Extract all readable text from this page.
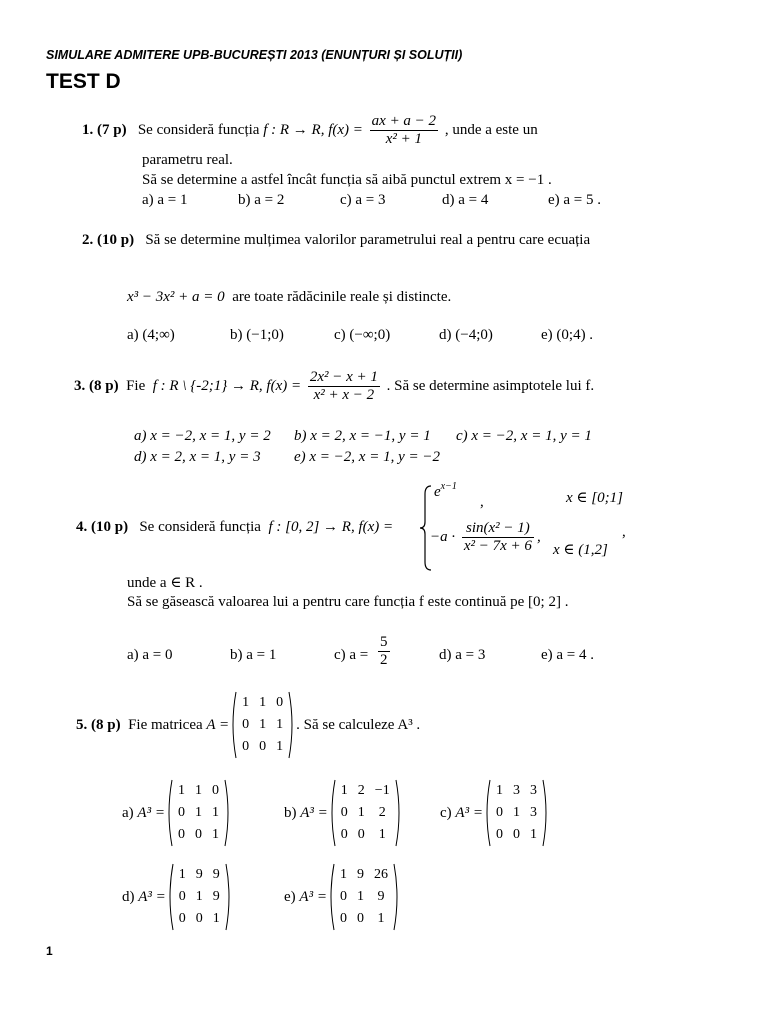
SIMULARE ADMITERE UPB-BUCUREȘTI 2013 (ENUNȚURI ȘI SOLUȚII)
TEST D
1. (7 p) Se consideră funcția f : R → R, $f(x) = \frac{ax + a - 2}{\text{x² + 1}}$ , unde a este un
parametru real.
Să se determine a astfel încât funcția să aibă punctul extrem x = −1 .
a) a = 1	b) a = 2	c) a = 3	d) a = 4	e) a = 5 .
2. (10 p) Să se determine mulțimea valorilor parametrului real a pentru care ecuația
x³ − 3x² + a = 0 are toate rădăcinile reale și distincte.
a) (4;∞)	b) (−1;0)	c) (−∞;0)	d) (−4;0)	e) (0;4) .
3. (8 p) Fie f : R \ {-2;1} → R, $f(x) = \frac{\text{2x² − x + 1}}{\text{x² + x − 2}}$ . Să se determine asimptotele lui f.
a) x = −2, x = 1, y = 2 b) x = 2, x = −1, y = 1 c) x = −2, x = 1, y = 1
d) x = 2, x = 1, y = 3 e) x = −2, x = 1, y = −2
4. (10 p) Se consideră funcția f : [0, 2] → R, f(x) =
$e^{x-1}$
,	x ∈ [0;1]
$-a \cdot \frac{\text{sin(x² − 1)}}{\text{x² − 7x + 6}}$ ,
x ∈ (1,2]
,
unde a ∈ R .
Să se găsească valoarea lui a pentru care funcția f este continuă pe [0; 2] .
a) a = 0	b) a = 1	c) $a = \frac{5}{2}$	d) a = 3	e) a = 4 .
5. (8 p)
Fie matricea
A =
1	1	0
0	1	1
0	0	1
. Să se calculeze A³ .
a)
A³ =
1	1	0
0	1	1
0	0	1
b)
A³ =
1	2	−1
0	1	2
0	0	1
c)
A³ =
1	3	3
0	1	3
0	0	1
d)
A³ =
1	9	9
0	1	9
0	0	1
e)
A³ =
1	9	26
0	1	9
0	0	1
1
